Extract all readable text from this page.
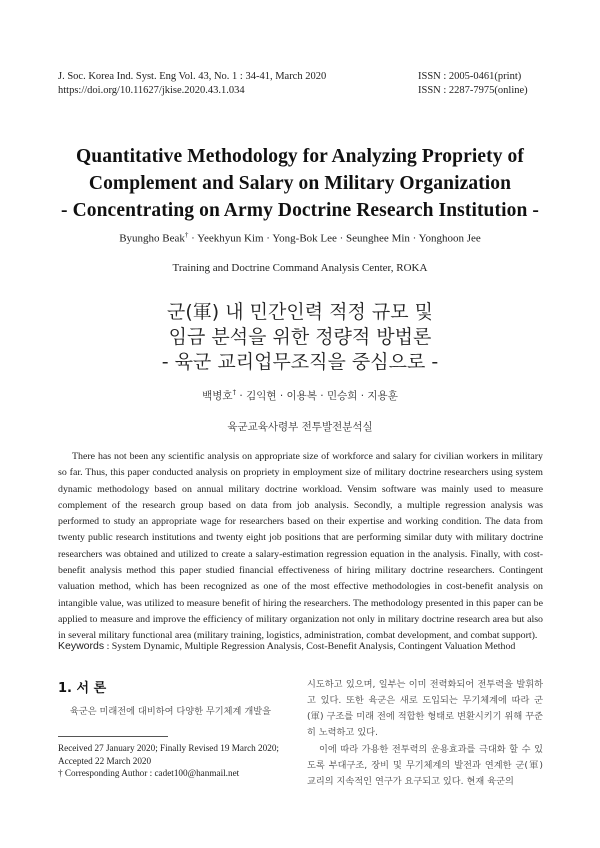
J. Soc. Korea Ind. Syst. Eng Vol. 43, No. 1 : 34-41, March 2020
https://doi.org/10.11627/jkise.2020.43.1.034
ISSN : 2005-0461(print)
ISSN : 2287-7975(online)
Quantitative Methodology for Analyzing Propriety of
Complement and Salary on Military Organization
- Concentrating on Army Doctrine Research Institution -
Byungho Beak† · Yeekhyun Kim · Yong-Bok Lee · Seunghee Min · Yonghoon Jee
Training and Doctrine Command Analysis Center, ROKA
군(軍) 내 민간인력 적정 규모 및
임금 분석을 위한 정량적 방법론
- 육군 교리업무조직을 중심으로 -
백병호† · 김익현 · 이용복 · 민승희 · 지용훈
육군교육사령부 전투발전분석실
There has not been any scientific analysis on appropriate size of workforce and salary for civilian workers in military so far. Thus, this paper conducted analysis on propriety in employment size of military doctrine researchers using system dynamic methodology based on annual military doctrine workload. Vensim software was mainly used to measure complement of the research group based on data from job analysis. Secondly, a multiple regression analysis was performed to study an appropriate wage for researchers based on their expertise and working condition. The data from twenty public research institutions and twenty eight job positions that are performing similar duty with military doctrine researchers was obtained and utilized to create a salary-estimation regression equation in the analysis. Finally, with cost-benefit analysis method this paper studied financial effectiveness of hiring military doctrine researchers. Contingent valuation method, which has been recognized as one of the most effective methodologies in cost-benefit analysis on intangible value, was utilized to measure benefit of hiring the researchers. The methodology presented in this paper can be applied to measure and improve the efficiency of military organization not only in military doctrine research area but also in several military functional area (military training, logistics, administration, combat development, and combat support).
Keywords : System Dynamic, Multiple Regression Analysis, Cost-Benefit Analysis, Contingent Valuation Method
1. 서 론
육군은 미래전에 대비하여 다양한 무기체계 개발을
Received 27 January 2020; Finally Revised 19 March 2020;
Accepted 22 March 2020
† Corresponding Author : cadet100@hanmail.net
시도하고 있으며, 일부는 이미 전력화되어 전투력을 발휘하고 있다. 또한 육군은 새로 도입되는 무기체계에 따라 군(軍) 구조를 미래 전에 적합한 형태로 변환시키기 위해 꾸준히 노력하고 있다.
이에 따라 가용한 전투력의 운용효과를 극대화 할 수 있도록 부대구조, 장비 및 무기체계의 발전과 연계한 군(軍) 교리의 지속적인 연구가 요구되고 있다. 현재 육군의
